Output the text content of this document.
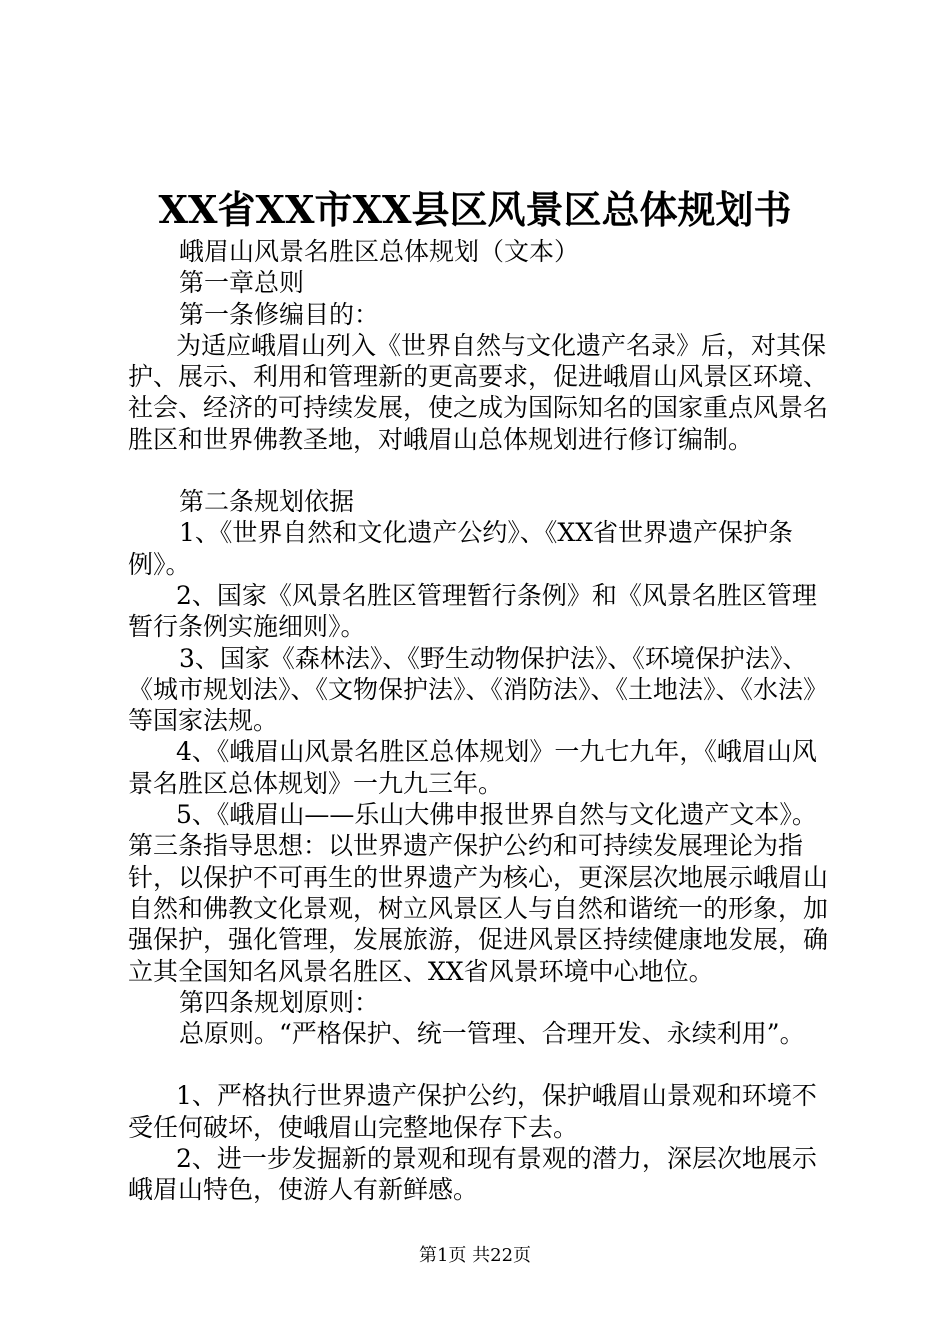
XX省XX市XX县区风景区总体规划书

峨眉山风景名胜区总体规划（文本）

第一章总则

第一条修编目的：

为适应峨眉山列入《世界自然与文化遗产名录》后，对其保护、展示、利用和管理新的更高要求，促进峨眉山风景区环境、社会、经济的可持续发展，使之成为国际知名的国家重点风景名胜区和世界佛教圣地，对峨眉山总体规划进行修订编制。

第二条规划依据

1、《世界自然和文化遗产公约》、《XX省世界遗产保护条例》。

2、国家《风景名胜区管理暂行条例》和《风景名胜区管理暂行条例实施细则》。

3、国家《森林法》、《野生动物保护法》、《环境保护法》、《城市规划法》、《文物保护法》、《消防法》、《土地法》、《水法》等国家法规。

4、《峨眉山风景名胜区总体规划》一九七九年，《峨眉山风景名胜区总体规划》一九九三年。

5、《峨眉山——乐山大佛申报世界自然与文化遗产文本》。

第三条指导思想：以世界遗产保护公约和可持续发展理论为指针，以保护不可再生的世界遗产为核心，更深层次地展示峨眉山自然和佛教文化景观，树立风景区人与自然和谐统一的形象，加强保护，强化管理，发展旅游，促进风景区持续健康地发展，确立其全国知名风景名胜区、XX省风景环境中心地位。

第四条规划原则：

总原则。“严格保护、统一管理、合理开发、永续利用”。

1、严格执行世界遗产保护公约，保护峨眉山景观和环境不受任何破坏，使峨眉山完整地保存下去。

2、进一步发掘新的景观和现有景观的潜力，深层次地展示峨眉山特色，使游人有新鲜感。

第1页 共22页
